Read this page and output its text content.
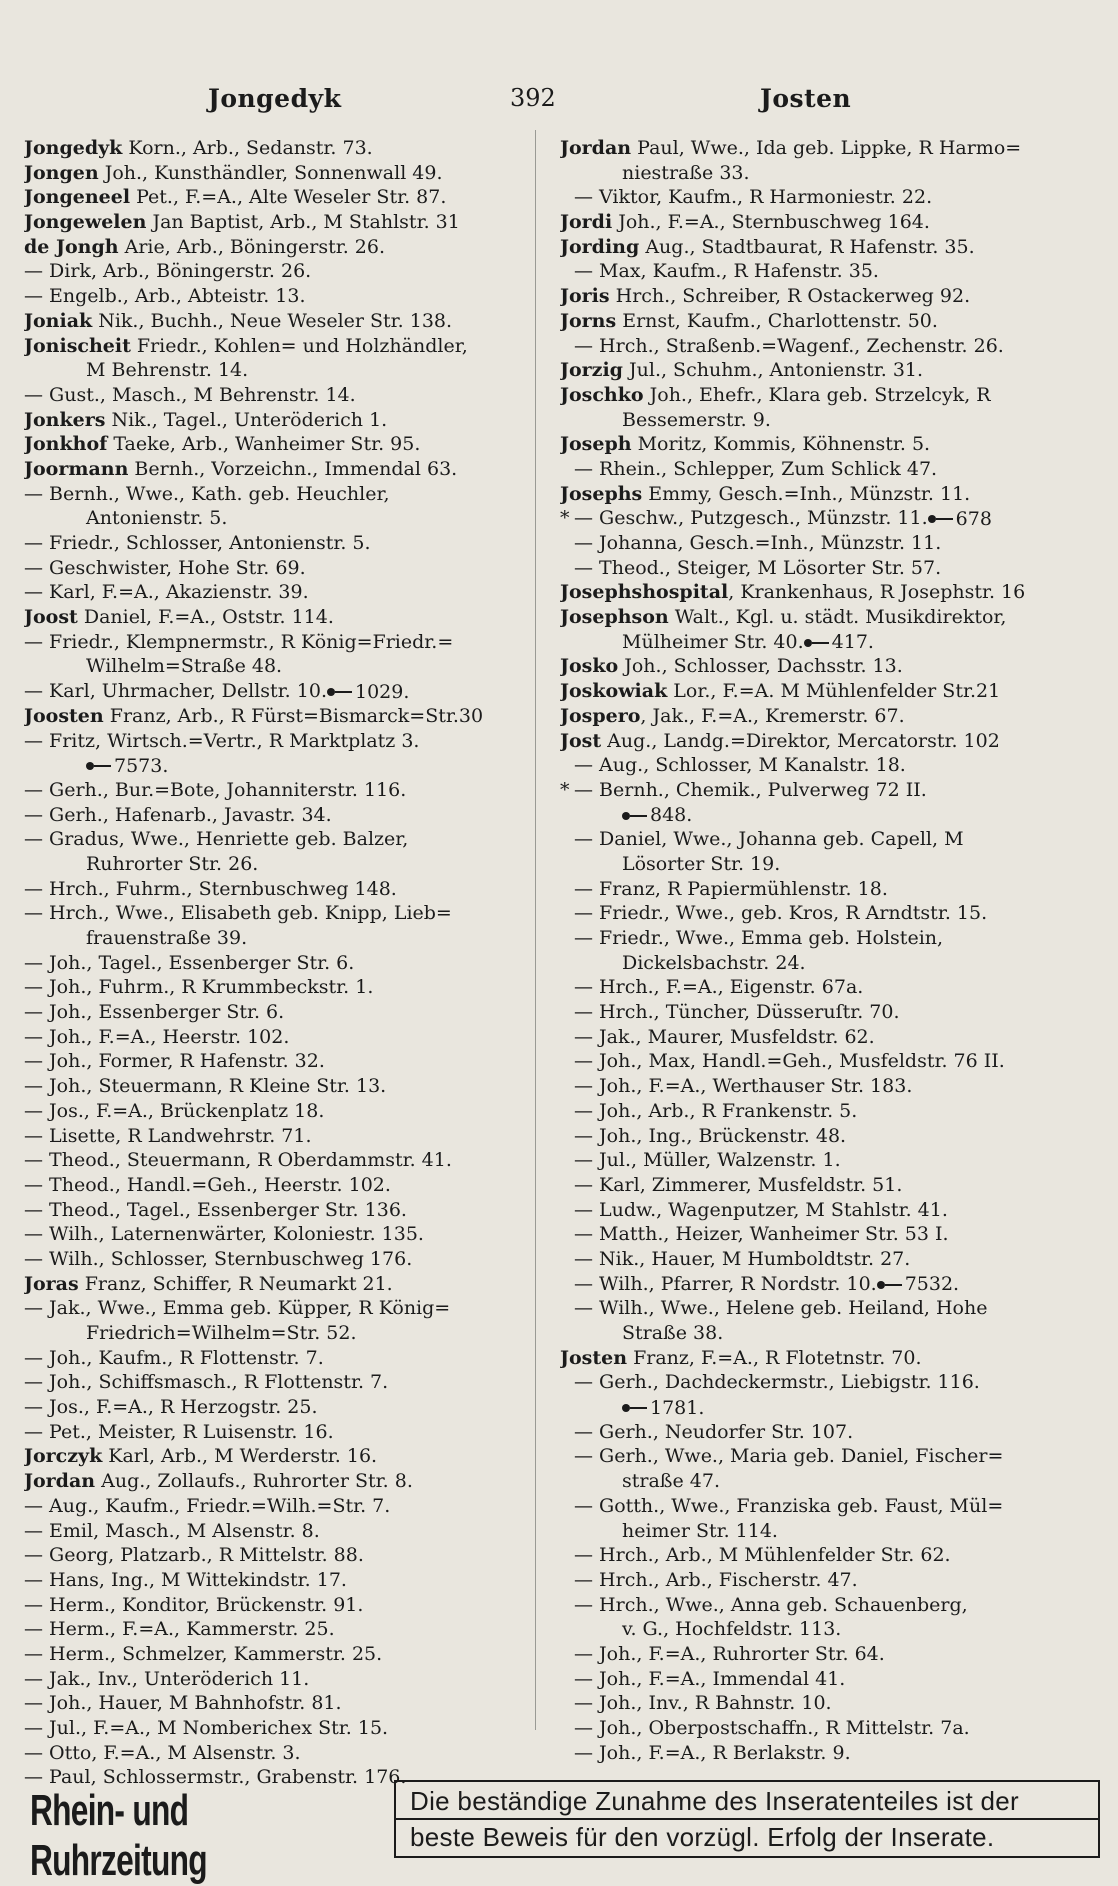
Jongedyk	392	Josten
Jongedyk Korn., Arb., Sedanstr. 73.
Jongen Joh., Kunsthändler, Sonnenwall 49.
Jongeneel Pet., F.=A., Alte Weseler Str. 87.
Jongewelen Jan Baptist, Arb., M Stahlstr. 31
de Jongh Arie, Arb., Böningerstr. 26.
— Dirk, Arb., Böningerstr. 26.
— Engelb., Arb., Abteistr. 13.
Joniak Nik., Buchh., Neue Weseler Str. 138.
Jonischeit Friedr., Kohlen= und Holzhändler,
M Behrenstr. 14.
— Gust., Masch., M Behrenstr. 14.
Jonkers Nik., Tagel., Unteröderich 1.
Jonkhof Taeke, Arb., Wanheimer Str. 95.
Joormann Bernh., Vorzeichn., Immendal 63.
— Bernh., Wwe., Kath. geb. Heuchler,
Antonienstr. 5.
— Friedr., Schlosser, Antonienstr. 5.
— Geschwister, Hohe Str. 69.
— Karl, F.=A., Akazienstr. 39.
Joost Daniel, F.=A., Oststr. 114.
— Friedr., Klempnermstr., R König=Friedr.=
Wilhelm=Straße 48.
— Karl, Uhrmacher, Dellstr. 10. 1029.
Joosten Franz, Arb., R Fürst=Bismarck=Str.30
— Fritz, Wirtsch.=Vertr., R Marktplatz 3.
7573.
— Gerh., Bur.=Bote, Johanniterstr. 116.
— Gerh., Hafenarb., Javastr. 34.
— Gradus, Wwe., Henriette geb. Balzer,
Ruhrorter Str. 26.
— Hrch., Fuhrm., Sternbuschweg 148.
— Hrch., Wwe., Elisabeth geb. Knipp, Lieb=
frauenstraße 39.
— Joh., Tagel., Essenberger Str. 6.
— Joh., Fuhrm., R Krummbeckstr. 1.
— Joh., Essenberger Str. 6.
— Joh., F.=A., Heerstr. 102.
— Joh., Former, R Hafenstr. 32.
— Joh., Steuermann, R Kleine Str. 13.
— Jos., F.=A., Brückenplatz 18.
— Lisette, R Landwehrstr. 71.
— Theod., Steuermann, R Oberdammstr. 41.
— Theod., Handl.=Geh., Heerstr. 102.
— Theod., Tagel., Essenberger Str. 136.
— Wilh., Laternenwärter, Koloniestr. 135.
— Wilh., Schlosser, Sternbuschweg 176.
Joras Franz, Schiffer, R Neumarkt 21.
— Jak., Wwe., Emma geb. Küpper, R König=
Friedrich=Wilhelm=Str. 52.
— Joh., Kaufm., R Flottenstr. 7.
— Joh., Schiffsmasch., R Flottenstr. 7.
— Jos., F.=A., R Herzogstr. 25.
— Pet., Meister, R Luisenstr. 16.
Jorczyk Karl, Arb., M Werderstr. 16.
Jordan Aug., Zollaufs., Ruhrorter Str. 8.
— Aug., Kaufm., Friedr.=Wilh.=Str. 7.
— Emil, Masch., M Alsenstr. 8.
— Georg, Platzarb., R Mittelstr. 88.
— Hans, Ing., M Wittekindstr. 17.
— Herm., Konditor, Brückenstr. 91.
— Herm., F.=A., Kammerstr. 25.
— Herm., Schmelzer, Kammerstr. 25.
— Jak., Inv., Unteröderich 11.
— Joh., Hauer, M Bahnhofstr. 81.
— Jul., F.=A., M Nomberichex Str. 15.
— Otto, F.=A., M Alsenstr. 3.
— Paul, Schlossermstr., Grabenstr. 176.
Jordan Paul, Wwe., Ida geb. Lippke, R Harmo=
niestraße 33.
— Viktor, Kaufm., R Harmoniestr. 22.
Jordi Joh., F.=A., Sternbuschweg 164.
Jording Aug., Stadtbaurat, R Hafenstr. 35.
— Max, Kaufm., R Hafenstr. 35.
Joris Hrch., Schreiber, R Ostackerweg 92.
Jorns Ernst, Kaufm., Charlottenstr. 50.
— Hrch., Straßenb.=Wagenf., Zechenstr. 26.
Jorzig Jul., Schuhm., Antonienstr. 31.
Joschko Joh., Ehefr., Klara geb. Strzelcyk, R
Bessemerstr. 9.
Joseph Moritz, Kommis, Köhnenstr. 5.
— Rhein., Schlepper, Zum Schlick 47.
Josephs Emmy, Gesch.=Inh., Münzstr. 11.
* — Geschw., Putzgesch., Münzstr. 11. 678
— Johanna, Gesch.=Inh., Münzstr. 11.
— Theod., Steiger, M Lösorter Str. 57.
Josephshospital, Krankenhaus, R Josephstr. 16
Josephson Walt., Kgl. u. städt. Musikdirektor,
Mülheimer Str. 40. 417.
Josko Joh., Schlosser, Dachsstr. 13.
Joskowiak Lor., F.=A. M Mühlenfelder Str.21
Jospero, Jak., F.=A., Kremerstr. 67.
Jost Aug., Landg.=Direktor, Mercatorstr. 102
— Aug., Schlosser, M Kanalstr. 18.
* — Bernh., Chemik., Pulverweg 72 II.
848.
— Daniel, Wwe., Johanna geb. Capell, M
Lösorter Str. 19.
— Franz, R Papiermühlenstr. 18.
— Friedr., Wwe., geb. Kros, R Arndtstr. 15.
— Friedr., Wwe., Emma geb. Holstein,
Dickelsbachstr. 24.
— Hrch., F.=A., Eigenstr. 67a.
— Hrch., Tüncher, Düsseruſtr. 70.
— Jak., Maurer, Musfeldstr. 62.
— Joh., Max, Handl.=Geh., Musfeldstr. 76 II.
— Joh., F.=A., Werthauser Str. 183.
— Joh., Arb., R Frankenstr. 5.
— Joh., Ing., Brückenstr. 48.
— Jul., Müller, Walzenstr. 1.
— Karl, Zimmerer, Musfeldstr. 51.
— Ludw., Wagenputzer, M Stahlstr. 41.
— Matth., Heizer, Wanheimer Str. 53 I.
— Nik., Hauer, M Humboldtstr. 27.
— Wilh., Pfarrer, R Nordstr. 10. 7532.
— Wilh., Wwe., Helene geb. Heiland, Hohe
Straße 38.
Josten Franz, F.=A., R Flotetnstr. 70.
— Gerh., Dachdeckermstr., Liebigstr. 116.
1781.
— Gerh., Neudorfer Str. 107.
— Gerh., Wwe., Maria geb. Daniel, Fischer=
straße 47.
— Gotth., Wwe., Franziska geb. Faust, Mül=
heimer Str. 114.
— Hrch., Arb., M Mühlenfelder Str. 62.
— Hrch., Arb., Fischerstr. 47.
— Hrch., Wwe., Anna geb. Schauenberg,
v. G., Hochfeldstr. 113.
— Joh., F.=A., Ruhrorter Str. 64.
— Joh., F.=A., Immendal 41.
— Joh., Inv., R Bahnstr. 10.
— Joh., Oberpostschaffn., R Mittelstr. 7a.
— Joh., F.=A., R Berlakstr. 9.
Rhein- und Ruhrzeitung
Die beständige Zunahme des Inseratenteiles ist der
beste Beweis für den vorzügl. Erfolg der Inserate.
